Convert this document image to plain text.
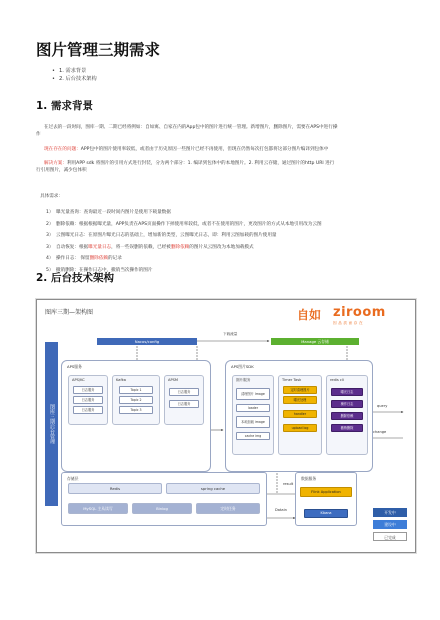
图片管理三期需求
• 1. 需求背景
• 2. 后台技术架构
1. 需求背景

在过去的一段时间，图库一期、二期已经将例如：自如寓、自家在内的App包中的图片进行统一管理。新增图片，删除图片，需要在APS中进行操

作

现在存在的问题：APP包中的图片使用率较低，或者由于历史原因一些图片已经不再使用，但现在仍然每次打包都将这部分图片编译到包体中

解决方案：利用APP sdk 将图片的引用方式进行封装，分为两个部分：1. 编译到包体中的本地图片。2. 利用云存储，通过图片的http URl 进行

行引用图片，减少包体积

具体需求：

1） 曝光量查询：查询最近一段时间内图片是使用下载量数据
2） 删除依赖：根据根据曝光量，APP负责在APS页面操作下掉使用率较低，或者不在使用的图片，更改图片的方式从本地引用改为云图
3） 云图曝光日志：在原图片曝光日志的基础上，增加新的类型，云图曝光日志，即：利用云图加载的图片使用量
3） 自动恢复：根据曝光量日志，将一些误删的依赖，已经被删除依赖的图片从云图改为本地加载模式
4） 操作日志： 保留删除依赖的记录
5） 撤销删除：在操作日志中，撤销当次操作的图片
2. 后台技术架构
图库三期—架构图	自如 ziroom
因品质而存在
图库三期后台管理
Nacos/config
下载流量
Manage 云存储
APS服务
APS/KC
日志服务
日志服务
日志服务
Kafka
Topic 1
Topic 2
Topic 3
APSM
日志服务
日志服务
APS图片SDK
图片服务
清理图片 Image
loader
本地加载 image
cache img
Timer Task
定时清理图片
曝光处理
handler
upload log
redis cli
曝光日志
操作日志
删除依赖
撤销删除
query
change
存储层
Redis	spring cache
MySQL 主从读写	Binlog	定时任务
result
Datain
数据服务
Flink Application
Kibana	开发中
建设中
已完成
